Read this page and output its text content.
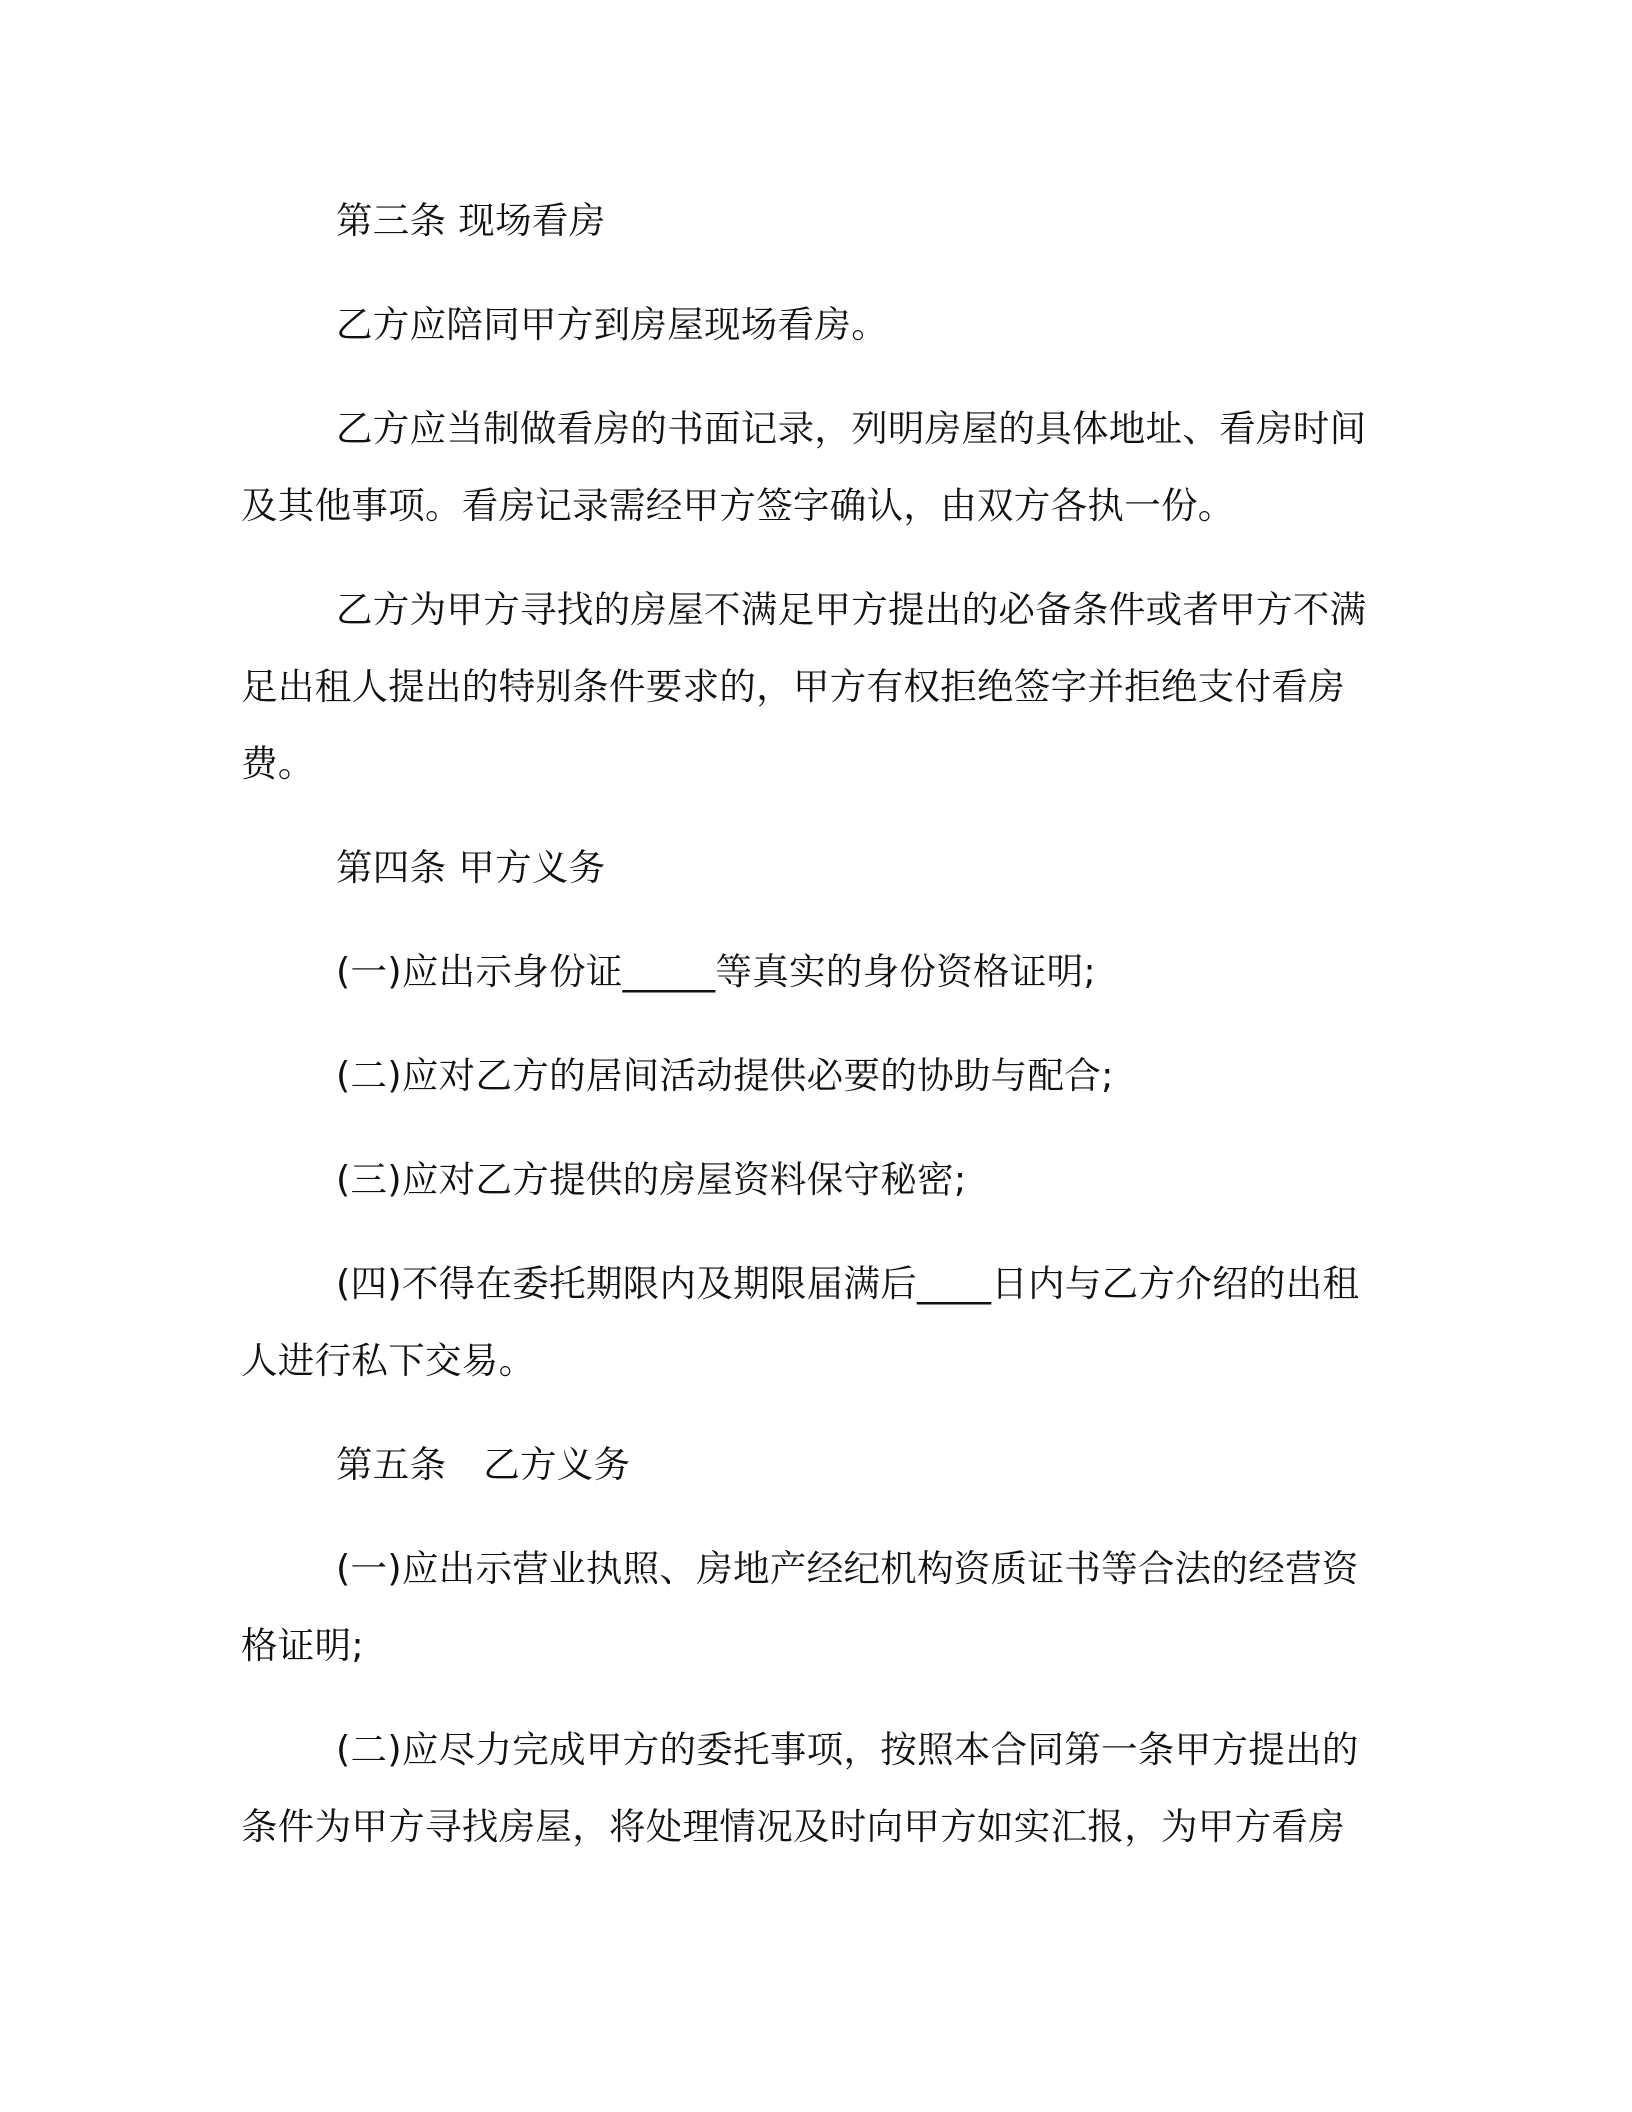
第三条 现场看房

乙方应陪同甲方到房屋现场看房。

乙方应当制做看房的书面记录，列明房屋的具体地址、看房时间及其他事项。看房记录需经甲方签字确认，由双方各执一份。

乙方为甲方寻找的房屋不满足甲方提出的必备条件或者甲方不满足出租人提出的特别条件要求的，甲方有权拒绝签字并拒绝支付看房费。

第四条 甲方义务

(一)应出示身份证_____等真实的身份资格证明;

(二)应对乙方的居间活动提供必要的协助与配合;

(三)应对乙方提供的房屋资料保守秘密;

(四)不得在委托期限内及期限届满后____日内与乙方介绍的出租人进行私下交易。

第五条　乙方义务

(一)应出示营业执照、房地产经纪机构资质证书等合法的经营资格证明;

(二)应尽力完成甲方的委托事项，按照本合同第一条甲方提出的条件为甲方寻找房屋，将处理情况及时向甲方如实汇报，为甲方看房
